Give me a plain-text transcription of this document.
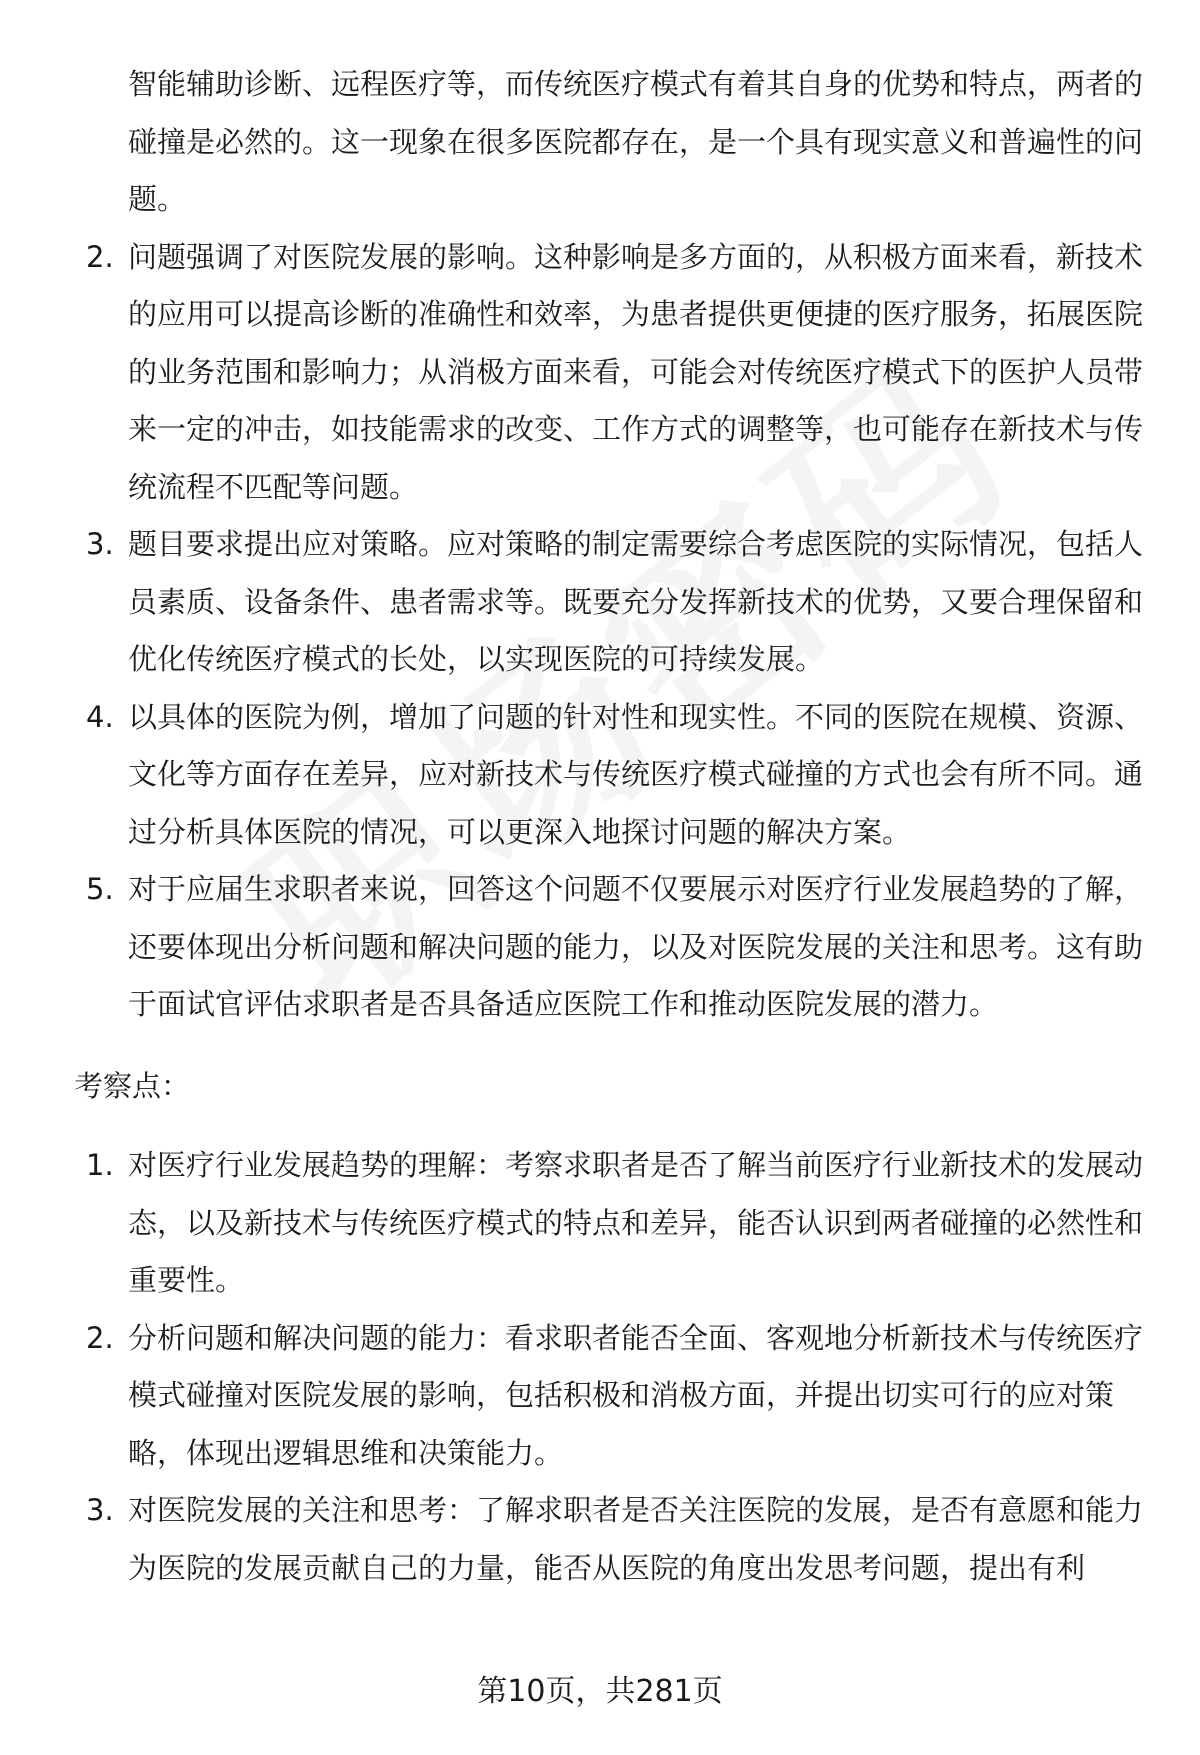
智能辅助诊断、远程医疗等，而传统医疗模式有着其自身的优势和特点，两者的碰撞是必然的。这一现象在很多医院都存在，是一个具有现实意义和普遍性的问题。

2. 问题强调了对医院发展的影响。这种影响是多方面的，从积极方面来看，新技术的应用可以提高诊断的准确性和效率，为患者提供更便捷的医疗服务，拓展医院的业务范围和影响力；从消极方面来看，可能会对传统医疗模式下的医护人员带来一定的冲击，如技能需求的改变、工作方式的调整等，也可能存在新技术与传统流程不匹配等问题。
3. 题目要求提出应对策略。应对策略的制定需要综合考虑医院的实际情况，包括人员素质、设备条件、患者需求等。既要充分发挥新技术的优势，又要合理保留和优化传统医疗模式的长处，以实现医院的可持续发展。
4. 以具体的医院为例，增加了问题的针对性和现实性。不同的医院在规模、资源、文化等方面存在差异，应对新技术与传统医疗模式碰撞的方式也会有所不同。通过分析具体医院的情况，可以更深入地探讨问题的解决方案。
5. 对于应届生求职者来说，回答这个问题不仅要展示对医疗行业发展趋势的了解，还要体现出分析问题和解决问题的能力，以及对医院发展的关注和思考。这有助于面试官评估求职者是否具备适应医院工作和推动医院发展的潜力。

考察点：

1. 对医疗行业发展趋势的理解：考察求职者是否了解当前医疗行业新技术的发展动态，以及新技术与传统医疗模式的特点和差异，能否认识到两者碰撞的必然性和重要性。
2. 分析问题和解决问题的能力：看求职者能否全面、客观地分析新技术与传统医疗模式碰撞对医院发展的影响，包括积极和消极方面，并提出切实可行的应对策略，体现出逻辑思维和决策能力。
3. 对医院发展的关注和思考：了解求职者是否关注医院的发展，是否有意愿和能力为医院的发展贡献自己的力量，能否从医院的角度出发思考问题，提出有利
第10页，共281页
